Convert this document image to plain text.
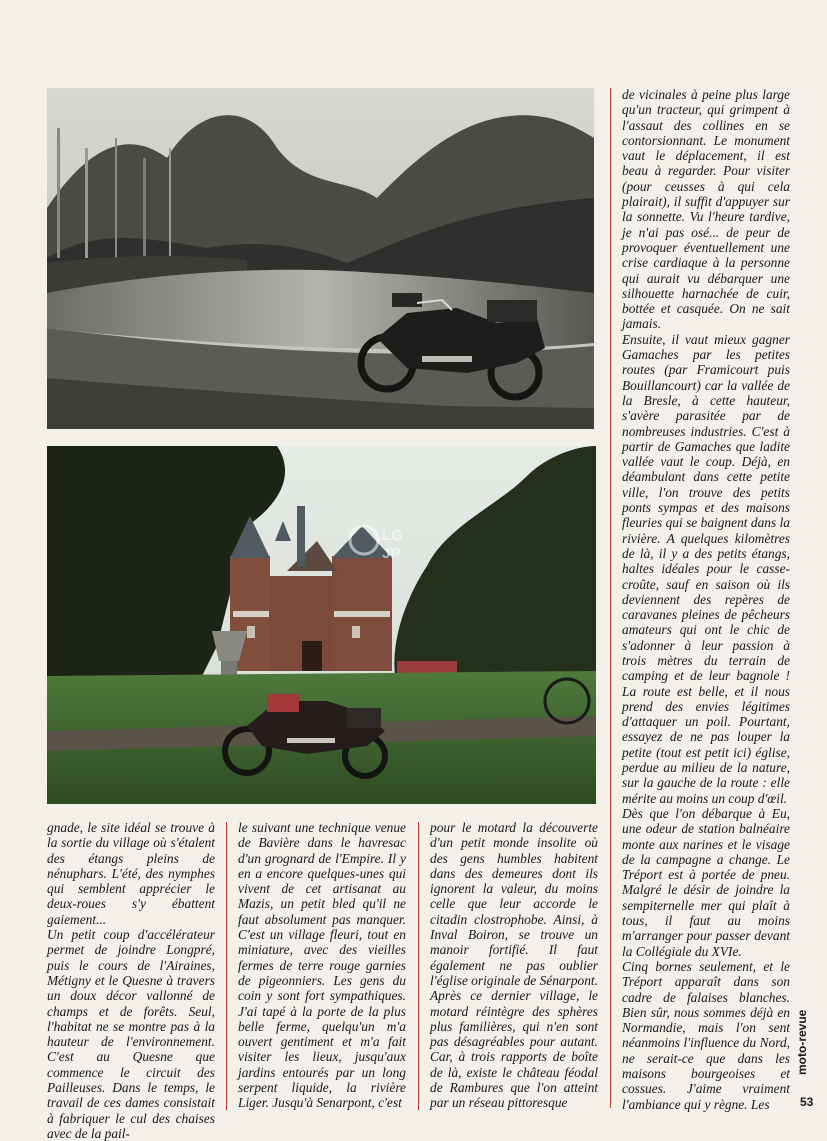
LG
JP

de vicinales à peine plus large qu'un tracteur, qui grimpent à l'assaut des collines en se contorsionnant. Le monument vaut le déplacement, il est beau à regarder. Pour visiter (pour ceusses à qui cela plairait), il suffit d'appuyer sur la sonnette. Vu l'heure tardive, je n'ai pas osé... de peur de provoquer éventuellement une crise cardiaque à la personne qui aurait vu débarquer une silhouette harnachée de cuir, bottée et casquée. On ne sait jamais.

Ensuite, il vaut mieux gagner Gamaches par les petites routes (par Framicourt puis Bouillancourt) car la vallée de la Bresle, à cette hauteur, s'avère parasitée par de nombreuses industries. C'est à partir de Gamaches que ladite vallée vaut le coup. Déjà, en déambulant dans cette petite ville, l'on trouve des petits ponts sympas et des maisons fleuries qui se baignent dans la rivière. A quelques kilomètres de là, il y a des petits étangs, haltes idéales pour le casse-croûte, sauf en saison où ils deviennent des repères de caravanes pleines de pêcheurs amateurs qui ont le chic de s'adonner à leur passion à trois mètres du terrain de camping et de leur bagnole ! La route est belle, et il nous prend des envies légitimes d'attaquer un poil. Pourtant, essayez de ne pas louper la petite (tout est petit ici) église, perdue au milieu de la nature, sur la gauche de la route : elle mérite au moins un coup d'œil.

Dès que l'on débarque à Eu, une odeur de station balnéaire monte aux narines et le visage de la campagne a change. Le Tréport est à portée de pneu. Malgré le désir de joindre la sempiternelle mer qui plaît à tous, il faut au moins m'arranger pour passer devant la Collégiale du XVIe.

Cinq bornes seulement, et le Tréport apparaît dans son cadre de falaises blanches. Bien sûr, nous sommes déjà en Normandie, mais l'on sent néanmoins l'influence du Nord, ne serait-ce que dans les maisons bourgeoises et cossues. J'aime vraiment l'ambiance qui y règne. Les

gnade, le site idéal se trouve à la sortie du village où s'étalent des étangs pleins de nénuphars. L'été, des nymphes qui semblent apprécier le deux-roues s'y ébattent gaiement...

Un petit coup d'accélérateur permet de joindre Longpré, puis le cours de l'Airaines, Métigny et le Quesne à travers un doux décor vallonné de champs et de forêts. Seul, l'habitat ne se montre pas à la hauteur de l'environnement. C'est au Quesne que commence le circuit des Pailleuses. Dans le temps, le travail de ces dames consistait à fabriquer le cul des chaises avec de la pail-

le suivant une technique venue de Bavière dans le havresac d'un grognard de l'Empire. Il y en a encore quelques-unes qui vivent de cet artisanat au Mazis, un petit bled qu'il ne faut absolument pas manquer. C'est un village fleuri, tout en miniature, avec des vieilles fermes de terre rouge garnies de pigeonniers. Les gens du coin y sont fort sympathiques. J'ai tapé à la porte de la plus belle ferme, quelqu'un m'a ouvert gentiment et m'a fait visiter les lieux, jusqu'aux jardins entourés par un long serpent liquide, la rivière Liger. Jusqu'à Senarpont, c'est

pour le motard la découverte d'un petit monde insolite où des gens humbles habitent dans des demeures dont ils ignorent la valeur, du moins celle que leur accorde le citadin clostrophobe. Ainsi, à Inval Boiron, se trouve un manoir fortifié. Il faut également ne pas oublier l'église originale de Sénarpont.

Après ce dernier village, le motard réintègre des sphères plus familières, qui n'en sont pas désagréables pour autant. Car, à trois rapports de boîte de là, existe le château féodal de Rambures que l'on atteint par un réseau pittoresque

moto-revue
53
